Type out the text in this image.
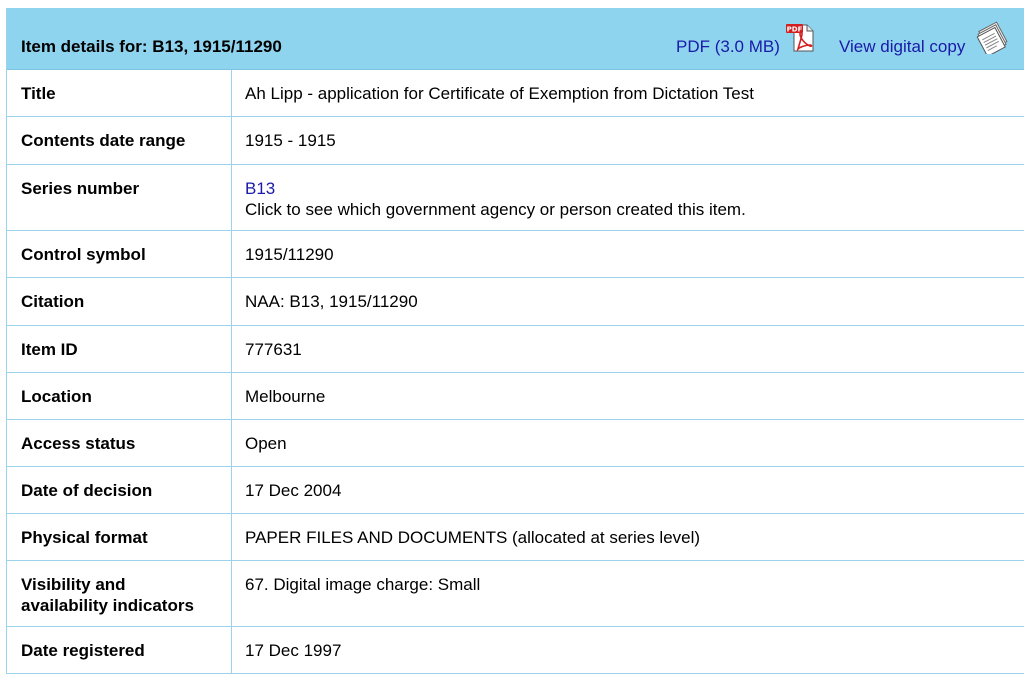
Item details for: B13, 1915/11290	PDF (3.0 MB)
PDF
View digital copy
Title	Ah Lipp - application for Certificate of Exemption from Dictation Test
Contents date range	1915 - 1915
Series number	B13
Click to see which government agency or person created this item.
Control symbol	1915/11290
Citation	NAA: B13, 1915/11290
Item ID	777631
Location	Melbourne
Access status	Open
Date of decision	17 Dec 2004
Physical format	PAPER FILES AND DOCUMENTS (allocated at series level)
Visibility and
availability indicators	67. Digital image charge: Small
Date registered	17 Dec 1997
